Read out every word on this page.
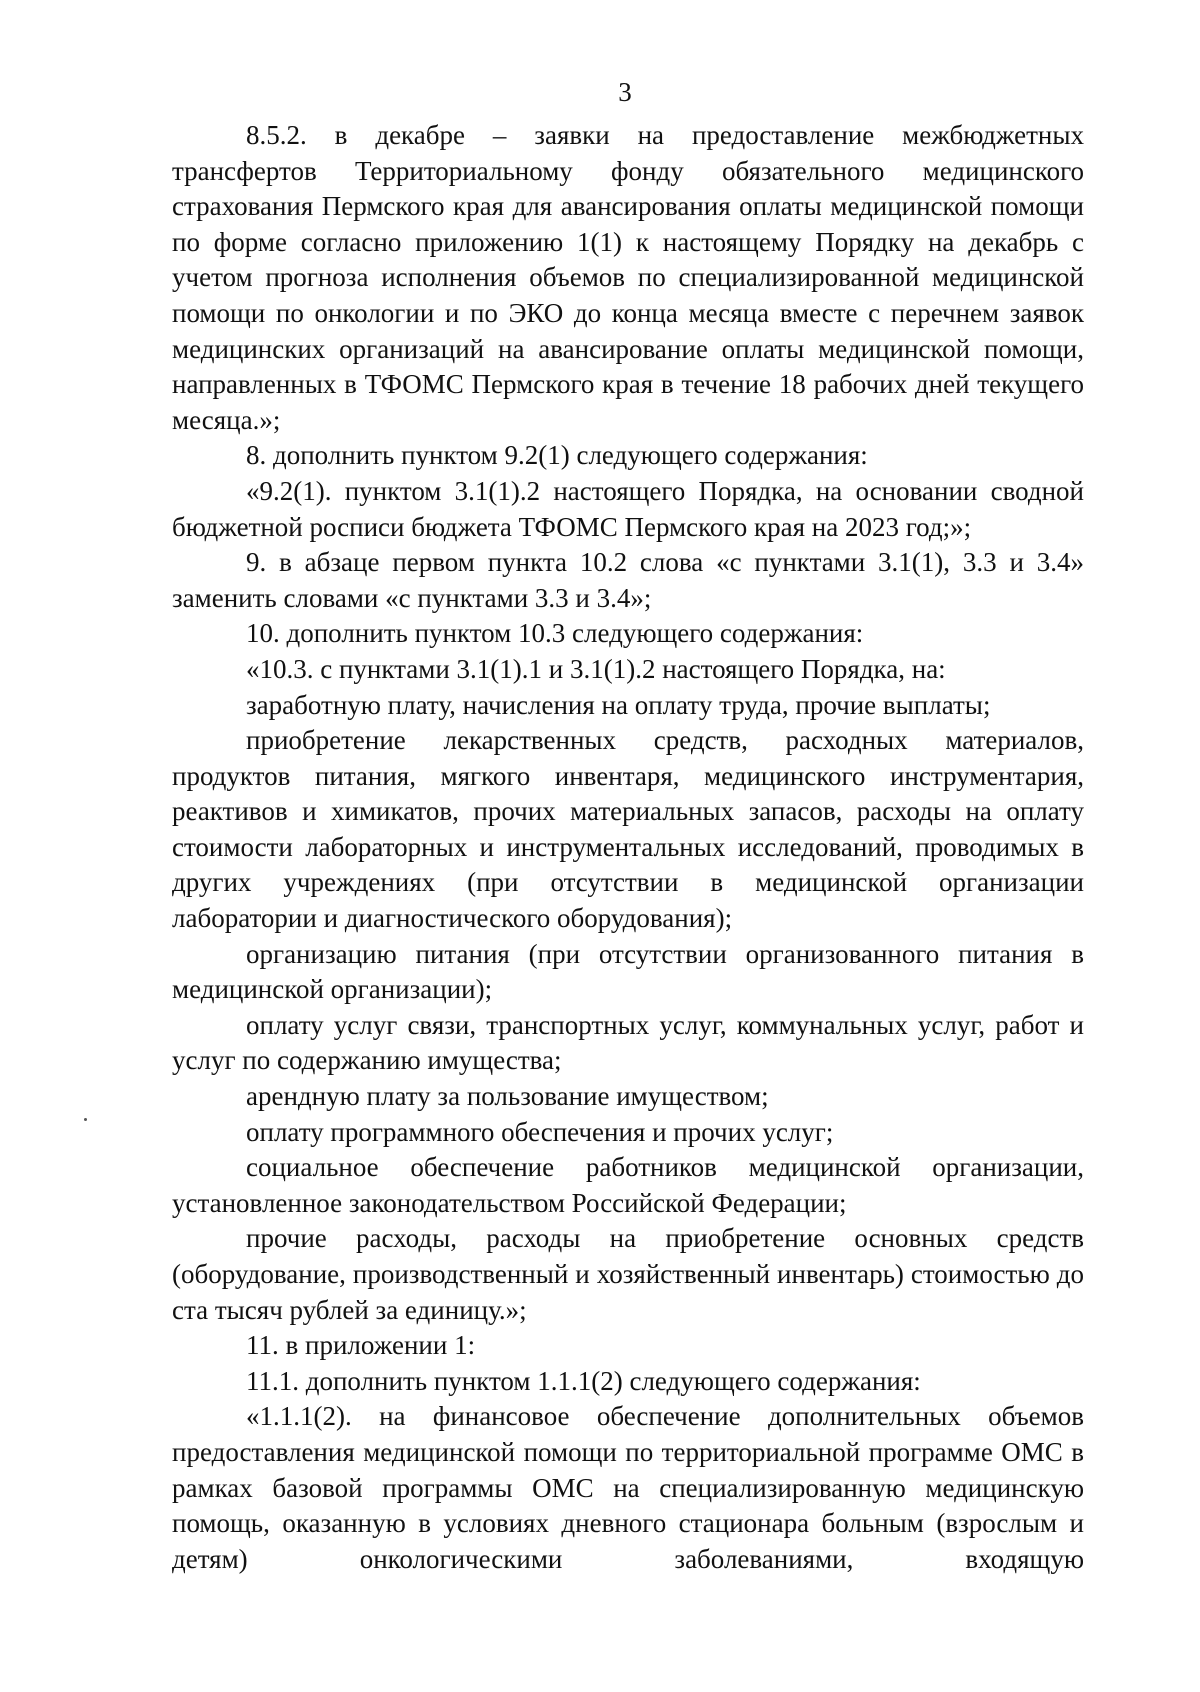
3

8.5.2. в декабре – заявки на предоставление межбюджетных трансфертов Территориальному фонду обязательного медицинского страхования Пермского края для авансирования оплаты медицинской помощи по форме согласно приложению 1(1) к настоящему Порядку на декабрь с учетом прогноза исполнения объемов по специализированной медицинской помощи по онкологии и по ЭКО до конца месяца вместе с перечнем заявок медицинских организаций на авансирование оплаты медицинской помощи, направленных в ТФОМС Пермского края в течение 18 рабочих дней текущего месяца.»;

8. дополнить пунктом 9.2(1) следующего содержания:

«9.2(1). пунктом 3.1(1).2 настоящего Порядка, на основании сводной бюджетной росписи бюджета ТФОМС Пермского края на 2023 год;»;

9. в абзаце первом пункта 10.2 слова «с пунктами 3.1(1), 3.3 и 3.4» заменить словами «с пунктами 3.3 и 3.4»;

10. дополнить пунктом 10.3 следующего содержания:

«10.3. с пунктами 3.1(1).1 и 3.1(1).2 настоящего Порядка, на:

заработную плату, начисления на оплату труда, прочие выплаты;

приобретение лекарственных средств, расходных материалов, продуктов питания, мягкого инвентаря, медицинского инструментария, реактивов и химикатов, прочих материальных запасов, расходы на оплату стоимости лабораторных и инструментальных исследований, проводимых в других учреждениях (при отсутствии в медицинской организации лаборатории и диагностического оборудования);

организацию питания (при отсутствии организованного питания в медицинской организации);

оплату услуг связи, транспортных услуг, коммунальных услуг, работ и услуг по содержанию имущества;

арендную плату за пользование имуществом;

оплату программного обеспечения и прочих услуг;

социальное обеспечение работников медицинской организации, установленное законодательством Российской Федерации;

прочие расходы, расходы на приобретение основных средств (оборудование, производственный и хозяйственный инвентарь) стоимостью до ста тысяч рублей за единицу.»;

11. в приложении 1:

11.1. дополнить пунктом 1.1.1(2) следующего содержания:

«1.1.1(2). на финансовое обеспечение дополнительных объемов предоставления медицинской помощи по территориальной программе ОМС в рамках базовой программы ОМС на специализированную медицинскую помощь, оказанную в условиях дневного стационара больным (взрослым и детям) онкологическими заболеваниями, входящую
